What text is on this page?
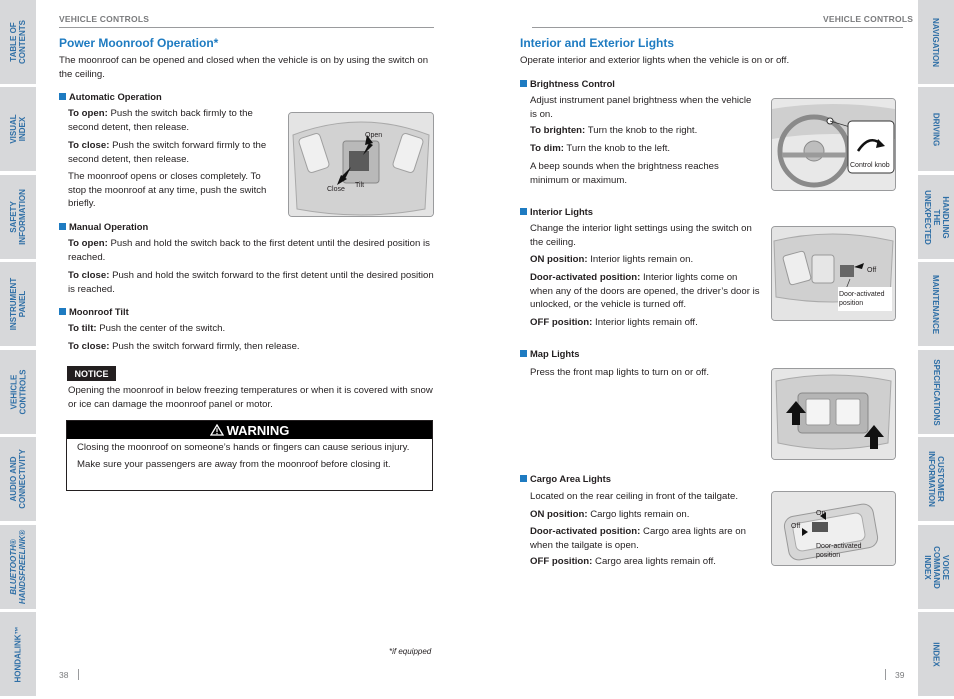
TABLE OF CONTENTS
VISUAL INDEX
SAFETY
INFORMATION
INSTRUMENT PANEL
VEHICLE
CONTROLS
AUDIO AND
CONNECTIVITY
BLUETOOTH®
HANDSFREELINK®
HONDALINK™
NAVIGATION
DRIVING
HANDLING THE
UNEXPECTED
MAINTENANCE
SPECIFICATIONS
CUSTOMER
INFORMATION
VOICE COMMAND
INDEX
INDEX
VEHICLE CONTROLS
Power Moonroof Operation*
The moonroof can be opened and closed when the vehicle is on by using the switch on the ceiling.
Automatic Operation
To open: Push the switch back firmly to the second detent, then release.
To close: Push the switch forward firmly to the second detent, then release.
The moonroof opens or closes completely. To stop the moonroof at any time, push the switch briefly.
Open
Close
Tilt
Manual Operation
To open: Push and hold the switch back to the first detent until the desired position is reached.
To close: Push and hold the switch forward to the first detent until the desired position is reached.
Moonroof Tilt
To tilt: Push the center of the switch.
To close: Push the switch forward firmly, then release.
NOTICE
Opening the moonroof in below freezing temperatures or when it is covered with snow or ice can damage the moonroof panel or motor.
WARNING
Closing the moonroof on someone’s hands or fingers can cause serious injury.
Make sure your passengers are away from the moonroof before closing it.
*if equipped
38
VEHICLE CONTROLS
Interior and Exterior Lights
Operate interior and exterior lights when the vehicle is on or off.
Brightness Control
Adjust instrument panel brightness when the vehicle is on.
To brighten: Turn the knob to the right.
To dim: Turn the knob to the left.
A beep sounds when the brightness reaches minimum or maximum.
Control knob
Interior Lights
Change the interior light settings using the switch on the ceiling.
ON position: Interior lights remain on.
Door-activated position: Interior lights come on when any of the doors are opened, the driver’s door is unlocked, or the vehicle is turned off.
OFF position: Interior lights remain off.
Off
Door-activated
position
Map Lights
Press the front map lights to turn on or off.
Cargo Area Lights
Located on the rear ceiling in front of the tailgate.
ON position: Cargo lights remain on.
Door-activated position: Cargo area lights are on when the tailgate is open.
OFF position: Cargo area lights remain off.
On
Off
Door-activated
position
39
